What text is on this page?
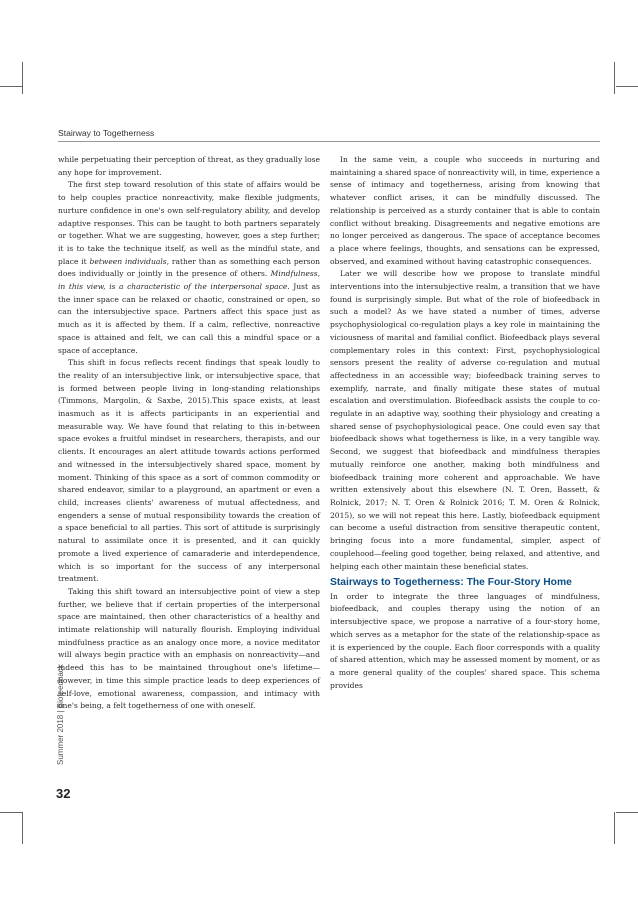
Stairway to Togetherness

while perpetuating their perception of threat, as they gradually lose any hope for improvement.

The first step toward resolution of this state of affairs would be to help couples practice nonreactivity, make flexible judgments, nurture confidence in one's own self-regulatory ability, and develop adaptive responses. This can be taught to both partners separately or together. What we are suggesting, however, goes a step further; it is to take the technique itself, as well as the mindful state, and place it between individuals, rather than as something each person does individually or jointly in the presence of others. Mindfulness, in this view, is a characteristic of the interpersonal space. Just as the inner space can be relaxed or chaotic, constrained or open, so can the intersubjective space. Partners affect this space just as much as it is affected by them. If a calm, reflective, nonreactive space is attained and felt, we can call this a mindful space or a space of acceptance.

This shift in focus reflects recent findings that speak loudly to the reality of an intersubjective link, or intersubjective space, that is formed between people living in long-standing relationships (Timmons, Margolin, & Saxbe, 2015).This space exists, at least inasmuch as it is affects participants in an experiential and measurable way. We have found that relating to this in-between space evokes a fruitful mindset in researchers, therapists, and our clients. It encourages an alert attitude towards actions performed and witnessed in the intersubjectively shared space, moment by moment. Thinking of this space as a sort of common commodity or shared endeavor, similar to a playground, an apartment or even a child, increases clients' awareness of mutual affectedness, and engenders a sense of mutual responsibility towards the creation of a space beneficial to all parties. This sort of attitude is surprisingly natural to assimilate once it is presented, and it can quickly promote a lived experience of camaraderie and interdependence, which is so important for the success of any interpersonal treatment.

Taking this shift toward an intersubjective point of view a step further, we believe that if certain properties of the interpersonal space are maintained, then other characteristics of a healthy and intimate relationship will naturally flourish. Employing individual mindfulness practice as an analogy once more, a novice meditator will always begin practice with an emphasis on nonreactivity—and indeed this has to be maintained throughout one's lifetime—however, in time this simple practice leads to deep experiences of self-love, emotional awareness, compassion, and intimacy with one's being, a felt togetherness of one with oneself.

In the same vein, a couple who succeeds in nurturing and maintaining a shared space of nonreactivity will, in time, experience a sense of intimacy and togetherness, arising from knowing that whatever conflict arises, it can be mindfully discussed. The relationship is perceived as a sturdy container that is able to contain conflict without breaking. Disagreements and negative emotions are no longer perceived as dangerous. The space of acceptance becomes a place where feelings, thoughts, and sensations can be expressed, observed, and examined without having catastrophic consequences.

Later we will describe how we propose to translate mindful interventions into the intersubjective realm, a transition that we have found is surprisingly simple. But what of the role of biofeedback in such a model? As we have stated a number of times, adverse psychophysiological co-regulation plays a key role in maintaining the viciousness of marital and familial conflict. Biofeedback plays several complementary roles in this context: First, psychophysiological sensors present the reality of adverse co-regulation and mutual affectedness in an accessible way; biofeedback training serves to exemplify, narrate, and finally mitigate these states of mutual escalation and overstimulation. Biofeedback assists the couple to co-regulate in an adaptive way, soothing their physiology and creating a shared sense of psychophysiological peace. One could even say that biofeedback shows what togetherness is like, in a very tangible way. Second, we suggest that biofeedback and mindfulness therapies mutually reinforce one another, making both mindfulness and biofeedback training more coherent and approachable. We have written extensively about this elsewhere (N. T. Oren, Bassett, & Rolnick, 2017; N. T. Oren & Rolnick 2016; T. M. Oren & Rolnick, 2015), so we will not repeat this here. Lastly, biofeedback equipment can become a useful distraction from sensitive therapeutic content, bringing focus into a more fundamental, simpler, aspect of couplehood—feeling good together, being relaxed, and attentive, and helping each other maintain these beneficial states.

Stairways to Togetherness: The Four-Story Home

In order to integrate the three languages of mindfulness, biofeedback, and couples therapy using the notion of an intersubjective space, we propose a narrative of a four-story home, which serves as a metaphor for the state of the relationship-space as it is experienced by the couple. Each floor corresponds with a quality of shared attention, which may be assessed moment by moment, or as a more general quality of the couples' shared space. This schema provides

Summer 2018 | Biofeedback
32
